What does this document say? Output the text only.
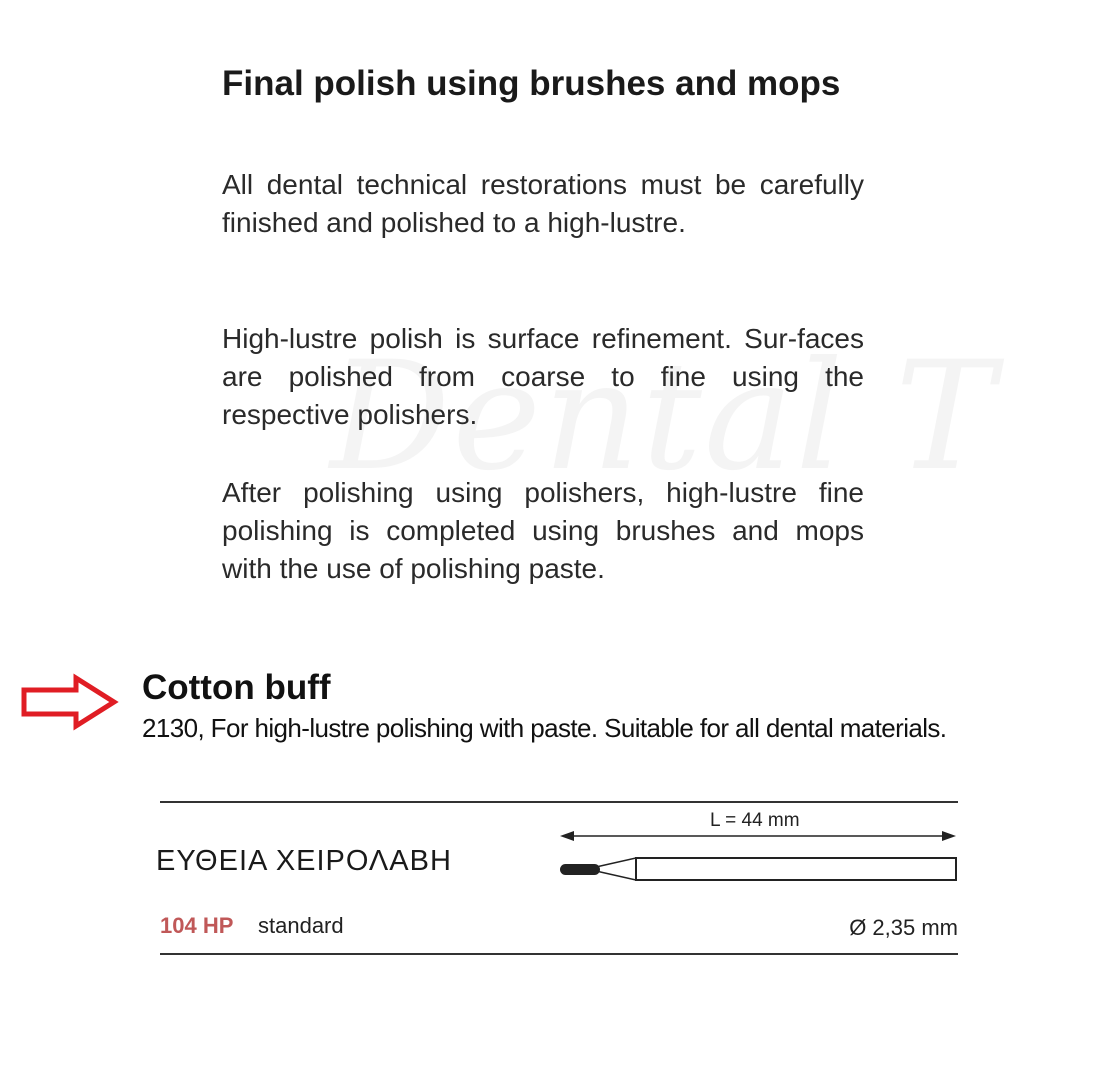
Final polish using brushes and mops
All dental technical restorations must be carefully finished and polished to a high-lustre.
High-lustre polish is surface refinement. Sur-faces are polished from coarse to fine using the respective polishers.
After polishing using polishers, high-lustre fine polishing is completed using brushes and mops with the use of polishing paste.
Cotton buff
2130, For high-lustre polishing with paste. Suitable for all dental materials.
ΕΥΘΕΙΑ ΧΕΙΡΟΛΑΒΗ
L = 44 mm
104 HP standard	Ø 2,35 mm
